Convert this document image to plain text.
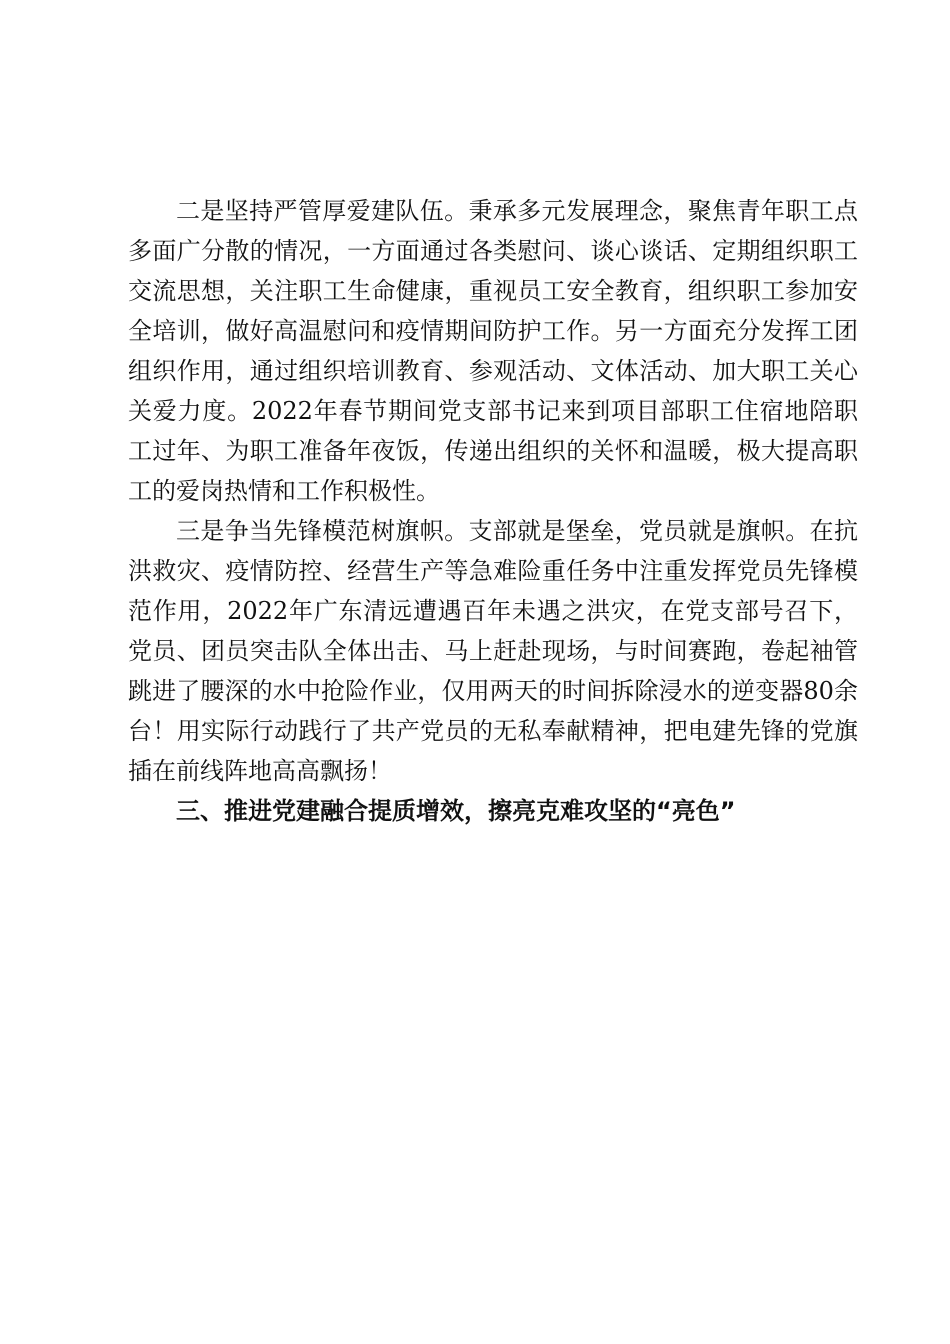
二是坚持严管厚爱建队伍。秉承多元发展理念，聚焦青年职工点多面广分散的情况，一方面通过各类慰问、谈心谈话、定期组织职工交流思想，关注职工生命健康，重视员工安全教育，组织职工参加安全培训，做好高温慰问和疫情期间防护工作。另一方面充分发挥工团组织作用，通过组织培训教育、参观活动、文体活动、加大职工关心关爱力度。2022年春节期间党支部书记来到项目部职工住宿地陪职工过年、为职工准备年夜饭，传递出组织的关怀和温暖，极大提高职工的爱岗热情和工作积极性。

三是争当先锋模范树旗帜。支部就是堡垒，党员就是旗帜。在抗洪救灾、疫情防控、经营生产等急难险重任务中注重发挥党员先锋模范作用，2022年广东清远遭遇百年未遇之洪灾，在党支部号召下，党员、团员突击队全体出击、马上赶赴现场，与时间赛跑，卷起袖管跳进了腰深的水中抢险作业，仅用两天的时间拆除浸水的逆变器80余台！用实际行动践行了共产党员的无私奉献精神，把电建先锋的党旗插在前线阵地高高飘扬！

三、推进党建融合提质增效，擦亮克难攻坚的“亮色”
